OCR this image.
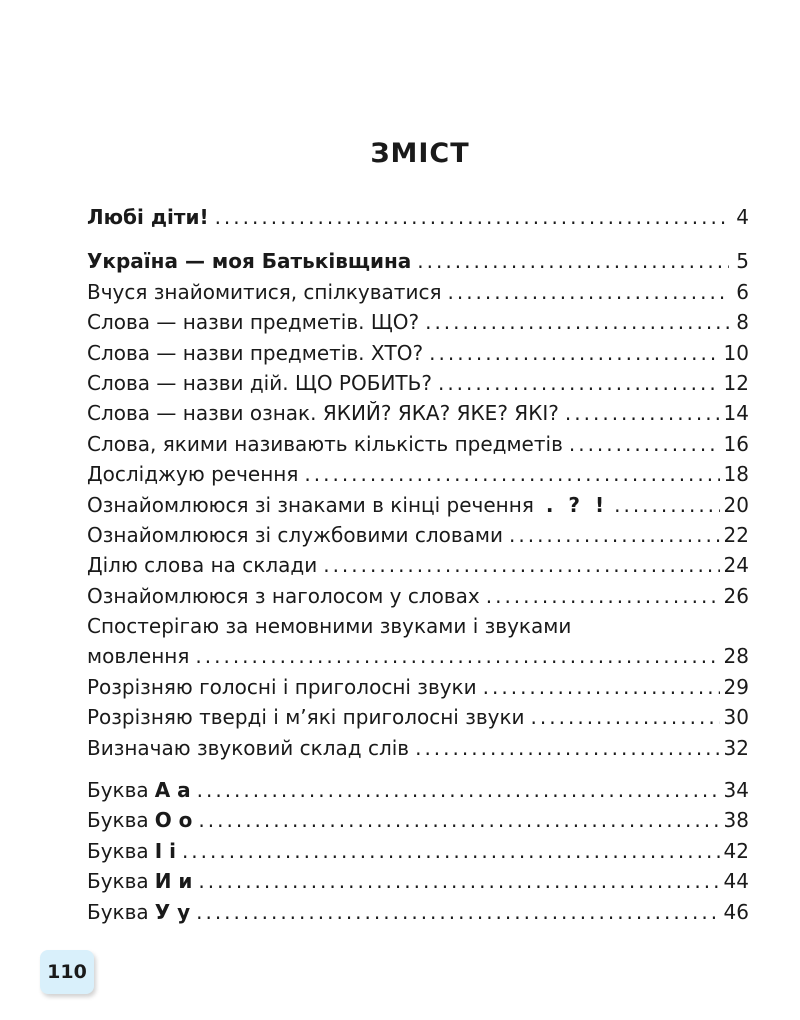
ЗМІСТ
Любі діти! .....	4
Україна — моя Батьківщина .....	5
Вчуся знайомитися, спілкуватися .....	6
Слова — назви предметів. ЩО? .....	8
Слова — назви предметів. ХТО? .....	10
Слова — назви дій. ЩО РОБИТЬ? .....	12
Слова — назви ознак. ЯКИЙ? ЯКА? ЯКЕ? ЯКІ? .....	14
Слова, якими називають кількість предметів .....	16
Досліджую речення .....	18
Ознайомлююся зі знаками в кінці речення . ? ! .....	20
Ознайомлююся зі службовими словами .....	22
Ділю слова на склади .....	24
Ознайомлююся з наголосом у словах .....	26
Спостерігаю за немовними звуками і звуками
мовлення .....	28
Розрізняю голосні і приголосні звуки .....	29
Розрізняю тверді і м’які приголосні звуки .....	30
Визначаю звуковий склад слів .....	32
Буква А а .....	34
Буква О о .....	38
Буква І і .....	42
Буква И и .....	44
Буква У у .....	46
110
